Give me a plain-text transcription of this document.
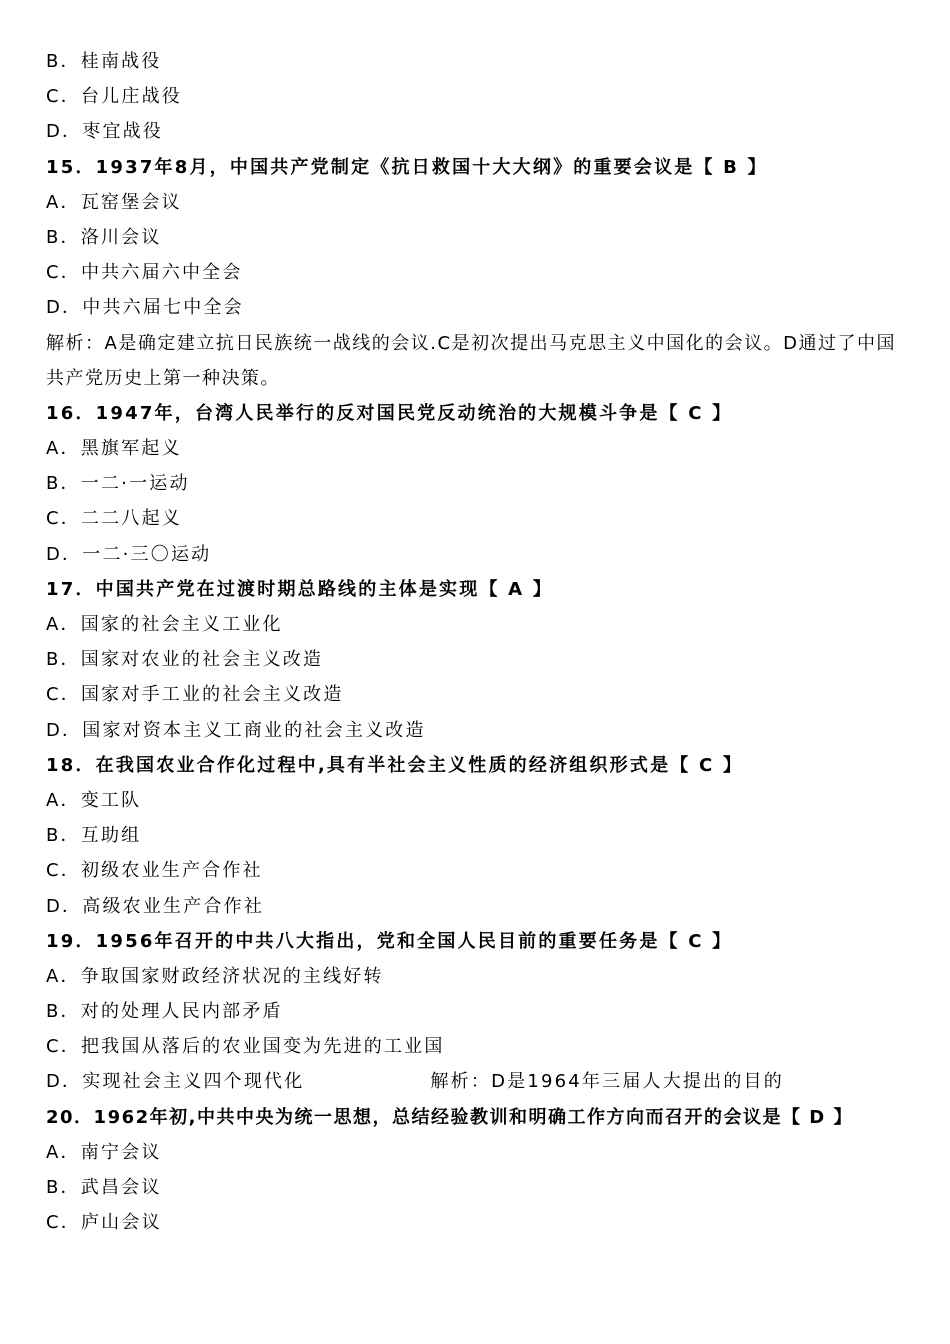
B．桂南战役
C．台儿庄战役
D．枣宜战役
15．1937年8月，中国共产党制定《抗日救国十大大纲》的重要会议是【 B 】
A．瓦窑堡会议
B．洛川会议
C．中共六届六中全会
D．中共六届七中全会
解析：A是确定建立抗日民族统一战线的会议.C是初次提出马克思主义中国化的会议。D通过了中国共产党历史上第一种决策。
16．1947年，台湾人民举行的反对国民党反动统治的大规模斗争是【 C 】
A．黑旗军起义
B．一二·一运动
C．二二八起义
D．一二·三〇运动
17．中国共产党在过渡时期总路线的主体是实现【 A 】
A．国家的社会主义工业化
B．国家对农业的社会主义改造
C．国家对手工业的社会主义改造
D．国家对资本主义工商业的社会主义改造
18．在我国农业合作化过程中,具有半社会主义性质的经济组织形式是【 C 】
A．变工队
B．互助组
C．初级农业生产合作社
D．高级农业生产合作社
19．1956年召开的中共八大指出，党和全国人民目前的重要任务是【 C 】
A．争取国家财政经济状况的主线好转
B．对的处理人民内部矛盾
C．把我国从落后的农业国变为先进的工业国
D．实现社会主义四个现代化	解析：D是1964年三届人大提出的目的
20．1962年初,中共中央为统一思想，总结经验教训和明确工作方向而召开的会议是【 D 】
A．南宁会议
B．武昌会议
C．庐山会议
